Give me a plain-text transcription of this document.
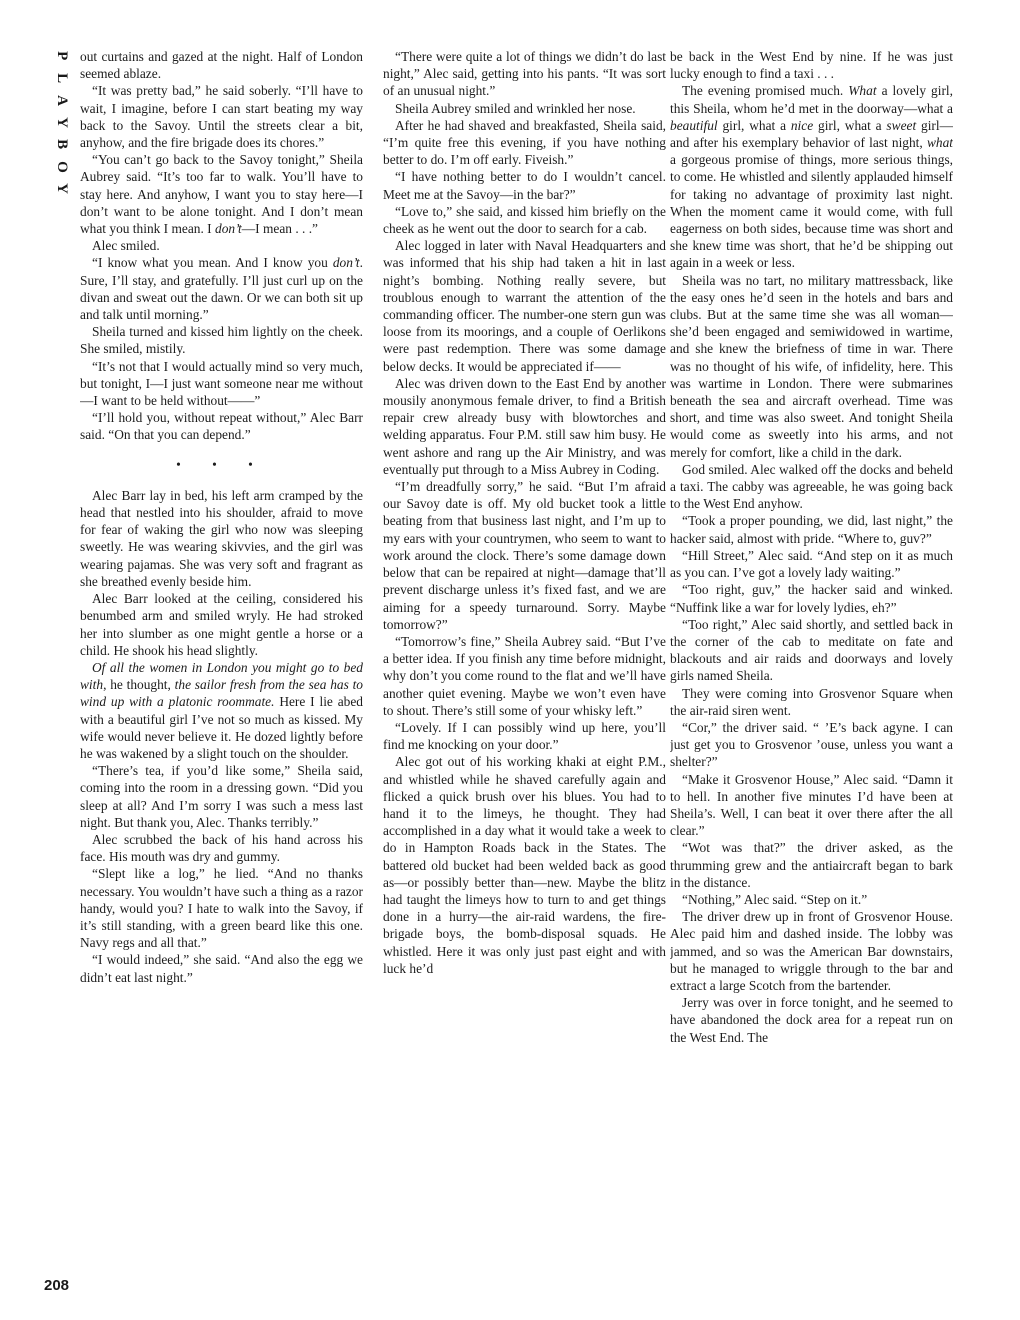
P
L
A
Y
B
O
Y

out curtains and gazed at the night. Half of London seemed ablaze.

“It was pretty bad,” he said soberly. “I’ll have to wait, I imagine, before I can start beating my way back to the Savoy. Until the streets clear a bit, anyhow, and the fire brigade does its chores.”

“You can’t go back to the Savoy tonight,” Sheila Aubrey said. “It’s too far to walk. You’ll have to stay here. And anyhow, I want you to stay here—I don’t want to be alone tonight. And I don’t mean what you think I mean. I don’t—I mean . . .”

Alec smiled.

“I know what you mean. And I know you don’t. Sure, I’ll stay, and gratefully. I’ll just curl up on the divan and sweat out the dawn. Or we can both sit up and talk until morning.”

Sheila turned and kissed him lightly on the cheek. She smiled, mistily.

“It’s not that I would actually mind so very much, but tonight, I—I just want someone near me without—I want to be held without——”

“I’ll hold you, without repeat without,” Alec Barr said. “On that you can depend.”

• • •

Alec Barr lay in bed, his left arm cramped by the head that nestled into his shoulder, afraid to move for fear of waking the girl who now was sleeping sweetly. He was wearing skivvies, and the girl was wearing pajamas. She was very soft and fragrant as she breathed evenly beside him.

Alec Barr looked at the ceiling, considered his benumbed arm and smiled wryly. He had stroked her into slumber as one might gentle a horse or a child. He shook his head slightly.

Of all the women in London you might go to bed with, he thought, the sailor fresh from the sea has to wind up with a platonic roommate. Here I lie abed with a beautiful girl I’ve not so much as kissed. My wife would never believe it. He dozed lightly before he was wakened by a slight touch on the shoulder.

“There’s tea, if you’d like some,” Sheila said, coming into the room in a dressing gown. “Did you sleep at all? And I’m sorry I was such a mess last night. But thank you, Alec. Thanks terribly.”

Alec scrubbed the back of his hand across his face. His mouth was dry and gummy.

“Slept like a log,” he lied. “And no thanks necessary. You wouldn’t have such a thing as a razor handy, would you? I hate to walk into the Savoy, if it’s still standing, with a green beard like this one. Navy regs and all that.”

“I would indeed,” she said. “And also the egg we didn’t eat last night.”

“There were quite a lot of things we didn’t do last night,” Alec said, getting into his pants. “It was sort of an unusual night.”

Sheila Aubrey smiled and wrinkled her nose.

After he had shaved and breakfasted, Sheila said, “I’m quite free this evening, if you have nothing better to do. I’m off early. Fiveish.”

“I have nothing better to do I wouldn’t cancel. Meet me at the Savoy—in the bar?”

“Love to,” she said, and kissed him briefly on the cheek as he went out the door to search for a cab.

Alec logged in later with Naval Headquarters and was informed that his ship had taken a hit in last night’s bombing. Nothing really severe, but troublous enough to warrant the attention of the commanding officer. The number-one stern gun was loose from its moorings, and a couple of Oerlikons were past redemption. There was some damage below decks. It would be appreciated if——

Alec was driven down to the East End by another mousily anonymous female driver, to find a British repair crew already busy with blowtorches and welding apparatus. Four P.M. still saw him busy. He went ashore and rang up the Air Ministry, and was eventually put through to a Miss Aubrey in Coding.

“I’m dreadfully sorry,” he said. “But I’m afraid our Savoy date is off. My old bucket took a little beating from that business last night, and I’m up to my ears with your countrymen, who seem to want to work around the clock. There’s some damage down below that can be repaired at night—damage that’ll prevent discharge unless it’s fixed fast, and we are aiming for a speedy turnaround. Sorry. Maybe tomorrow?”

“Tomorrow’s fine,” Sheila Aubrey said. “But I’ve a better idea. If you finish any time before midnight, why don’t you come round to the flat and we’ll have another quiet evening. Maybe we won’t even have to shout. There’s still some of your whisky left.”

“Lovely. If I can possibly wind up here, you’ll find me knocking on your door.”

Alec got out of his working khaki at eight P.M., and whistled while he shaved carefully again and flicked a quick brush over his blues. You had to hand it to the limeys, he thought. They had accomplished in a day what it would take a week to do in Hampton Roads back in the States. The battered old bucket had been welded back as good as—or possibly better than—new. Maybe the blitz had taught the limeys how to turn to and get things done in a hurry—the air-raid wardens, the fire-brigade boys, the bomb-disposal squads. He whistled. Here it was only just past eight and with luck he’d

be back in the West End by nine. If he was just lucky enough to find a taxi . . .

The evening promised much. What a lovely girl, this Sheila, whom he’d met in the doorway—what a beautiful girl, what a nice girl, what a sweet girl—and after his exemplary behavior of last night, what a gorgeous promise of things, more serious things, to come. He whistled and silently applauded himself for taking no advantage of proximity last night. When the moment came it would come, with full eagerness on both sides, because time was short and she knew time was short, that he’d be shipping out again in a week or less.

Sheila was no tart, no military mattressback, like the easy ones he’d seen in the hotels and bars and clubs. But at the same time she was all woman—she’d been engaged and semiwidowed in wartime, and she knew the briefness of time in war. There was no thought of his wife, of infidelity, here. This was wartime in London. There were submarines beneath the sea and aircraft overhead. Time was short, and time was also sweet. And tonight Sheila would come as sweetly into his arms, and not merely for comfort, like a child in the dark.

God smiled. Alec walked off the docks and beheld a taxi. The cabby was agreeable, he was going back to the West End anyhow.

“Took a proper pounding, we did, last night,” the hacker said, almost with pride. “Where to, guv?”

“Hill Street,” Alec said. “And step on it as much as you can. I’ve got a lovely lady waiting.”

“Too right, guv,” the hacker said and winked. “Nuffink like a war for lovely lydies, eh?”

“Too right,” Alec said shortly, and settled back in the corner of the cab to meditate on fate and blackouts and air raids and doorways and lovely girls named Sheila.

They were coming into Grosvenor Square when the air-raid siren went.

“Cor,” the driver said. “ ’E’s back agyne. I can just get you to Grosvenor ’ouse, unless you want a shelter?”

“Make it Grosvenor House,” Alec said. “Damn it to hell. In another five minutes I’d have been at Sheila’s. Well, I can beat it over there after the all clear.”

“Wot was that?” the driver asked, as the thrumming grew and the antiaircraft began to bark in the distance.

“Nothing,” Alec said. “Step on it.”

The driver drew up in front of Grosvenor House. Alec paid him and dashed inside. The lobby was jammed, and so was the American Bar downstairs, but he managed to wriggle through to the bar and extract a large Scotch from the bartender.

Jerry was over in force tonight, and he seemed to have abandoned the dock area for a repeat run on the West End. The

208
